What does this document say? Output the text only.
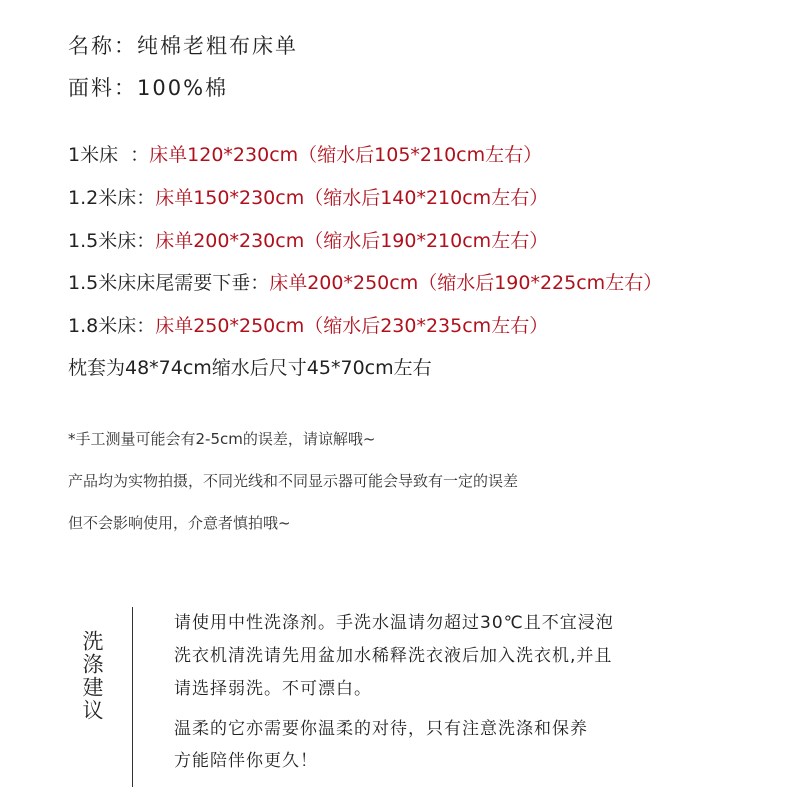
名称：纯棉老粗布床单
面料：100%棉
1米床  ：床单120*230cm（缩水后105*210cm左右）
1.2米床：床单150*230cm（缩水后140*210cm左右）
1.5米床：床单200*230cm（缩水后190*210cm左右）
1.5米床床尾需要下垂：床单200*250cm（缩水后190*225cm左右）
1.8米床：床单250*250cm（缩水后230*235cm左右）
枕套为48*74cm缩水后尺寸45*70cm左右
*手工测量可能会有2-5cm的误差，请谅解哦~
产品均为实物拍摄，不同光线和不同显示器可能会导致有一定的误差
但不会影响使用，介意者慎拍哦~
洗涤建议
请使用中性洗涤剂。手洗水温请勿超过30℃且不宜浸泡
洗衣机清洗请先用盆加水稀释洗衣液后加入洗衣机,并且
请选择弱洗。不可漂白。
温柔的它亦需要你温柔的对待，只有注意洗涤和保养
方能陪伴你更久！
